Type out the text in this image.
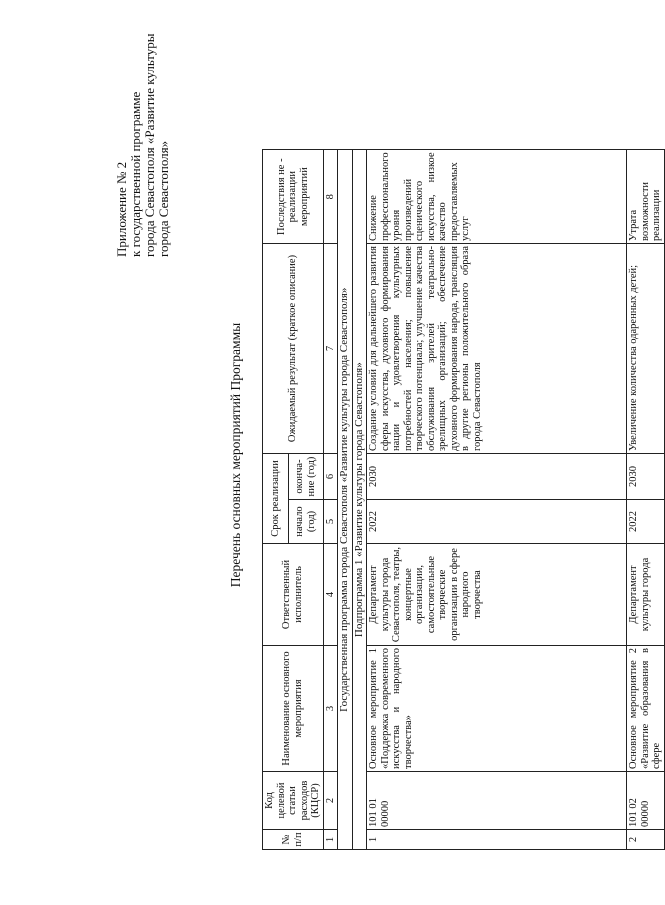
Приложение № 2 к государственной программе города Севастополя «Развитие культуры города Севастополя»
Перечень основных мероприятий Программы
№ п/п	Код целевой статьи расходов (КЦСР)	Наименование основного мероприятия	Ответственный исполнитель	Срок реализации		Ожидаемый результат (краткое описание)	Последствия не - реализации мероприятий
				начало (год)	оконча- ние (год)		
1	2	3	4	5	6	7	8
Государственная программа города Севастополя «Развитие культуры города Севастополя»							
Подпрограмма 1 «Развитие культуры города Севастополя»							
1	101 01 00000	Основное мероприятие 1 «Поддержка современного искусства и народного творчества»	Департамент культуры города Севастополя, театры, концертные организации, самостоятельные творческие организации в сфере народного творчества	2022	2030	Создание условий для дальнейшего развития сферы искусства, духовного формирования нации и удовлетворения культурных потребностей населения; повышение творческого потенциала; улучшение качества обслуживания зрителей театрально-зрелищных организаций; обеспечение духовного формирования народа, трансляция в другие регионы положительного образа города Севастополя	Снижение профессионального уровня произведений сценического искусства, низкое качество предоставляемых услуг
2	101 02 00000	Основное мероприятие 2 «Развитие образования в сфере	Департамент культуры города	2022	2030	Увеличение количества одаренных детей;	Утрата возможности реализации
